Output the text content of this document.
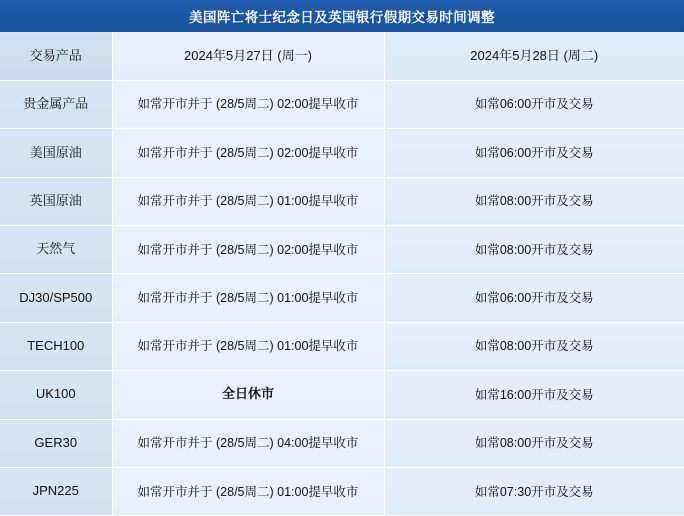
美国阵亡将士纪念日及英国银行假期交易时间调整
交易产品	2024年5月27日 (周一)	2024年5月28日 (周二)
贵金属产品	如常开市并于 (28/5周二) 02:00提早收市	如常06:00开市及交易
美国原油	如常开市并于 (28/5周二) 02:00提早收市	如常06:00开市及交易
英国原油	如常开市并于 (28/5周二) 01:00提早收市	如常08:00开市及交易
天然气	如常开市并于 (28/5周二) 02:00提早收市	如常08:00开市及交易
DJ30/SP500	如常开市并于 (28/5周二) 01:00提早收市	如常06:00开市及交易
TECH100	如常开市并于 (28/5周二) 01:00提早收市	如常08:00开市及交易
UK100	全日休市	如常16:00开市及交易
GER30	如常开市并于 (28/5周二) 04:00提早收市	如常08:00开市及交易
JPN225	如常开市并于 (28/5周二) 01:00提早收市	如常07:30开市及交易
